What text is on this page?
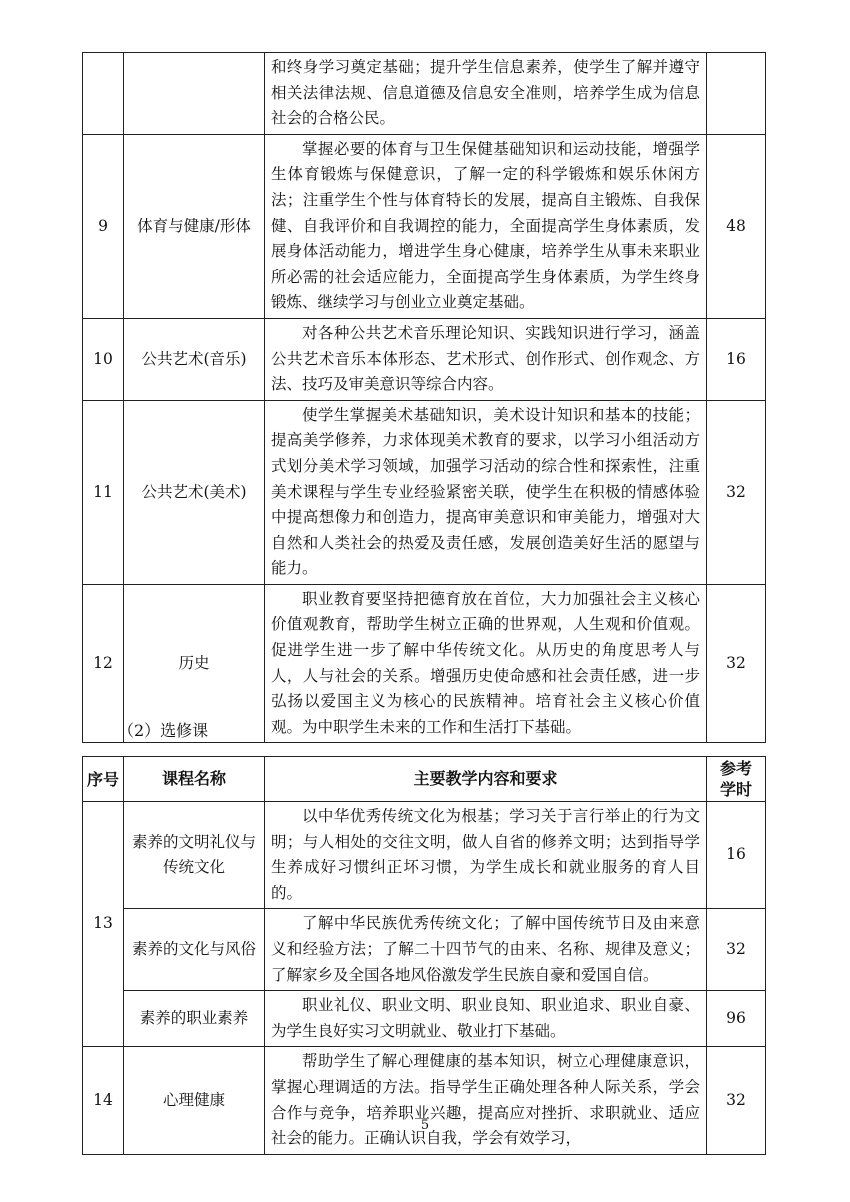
		和终身学习奠定基础；提升学生信息素养，使学生了解并遵守相关法律法规、信息道德及信息安全准则，培养学生成为信息社会的合格公民。	
9	体育与健康/形体	掌握必要的体育与卫生保健基础知识和运动技能，增强学生体育锻炼与保健意识，了解一定的科学锻炼和娱乐休闲方法；注重学生个性与体育特长的发展，提高自主锻炼、自我保健、自我评价和自我调控的能力，全面提高学生身体素质，发展身体活动能力，增进学生身心健康，培养学生从事未来职业所必需的社会适应能力，全面提高学生身体素质，为学生终身锻炼、继续学习与创业立业奠定基础。	48
10	公共艺术(音乐)	对各种公共艺术音乐理论知识、实践知识进行学习，涵盖公共艺术音乐本体形态、艺术形式、创作形式、创作观念、方法、技巧及审美意识等综合内容。	16
11	公共艺术(美术)	使学生掌握美术基础知识，美术设计知识和基本的技能；提高美学修养，力求体现美术教育的要求，以学习小组活动方式划分美术学习领域，加强学习活动的综合性和探索性，注重美术课程与学生专业经验紧密关联，使学生在积极的情感体验中提高想像力和创造力，提高审美意识和审美能力，增强对大自然和人类社会的热爱及责任感，发展创造美好生活的愿望与能力。	32
12	历史	职业教育要坚持把德育放在首位，大力加强社会主义核心价值观教育，帮助学生树立正确的世界观，人生观和价值观。促进学生进一步了解中华传统文化。从历史的角度思考人与人，人与社会的关系。增强历史使命感和社会责任感，进一步弘扬以爱国主义为核心的民族精神。培育社会主义核心价值观。为中职学生未来的工作和生活打下基础。	32
（2）选修课
序号	课程名称	主要教学内容和要求	参考学时
13	素养的文明礼仪与传统文化	以中华优秀传统文化为根基；学习关于言行举止的行为文明；与人相处的交往文明，做人自省的修养文明；达到指导学生养成好习惯纠正坏习惯，为学生成长和就业服务的育人目的。	16
	素养的文化与风俗	了解中华民族优秀传统文化；了解中国传统节日及由来意义和经验方法；了解二十四节气的由来、名称、规律及意义；了解家乡及全国各地风俗激发学生民族自豪和爱国自信。	32
	素养的职业素养	职业礼仪、职业文明、职业良知、职业追求、职业自豪、为学生良好实习文明就业、敬业打下基础。	96
14	心理健康	帮助学生了解心理健康的基本知识，树立心理健康意识，掌握心理调适的方法。指导学生正确处理各种人际关系，学会合作与竞争，培养职业兴趣，提高应对挫折、求职就业、适应社会的能力。正确认识自我，学会有效学习，	32
5
